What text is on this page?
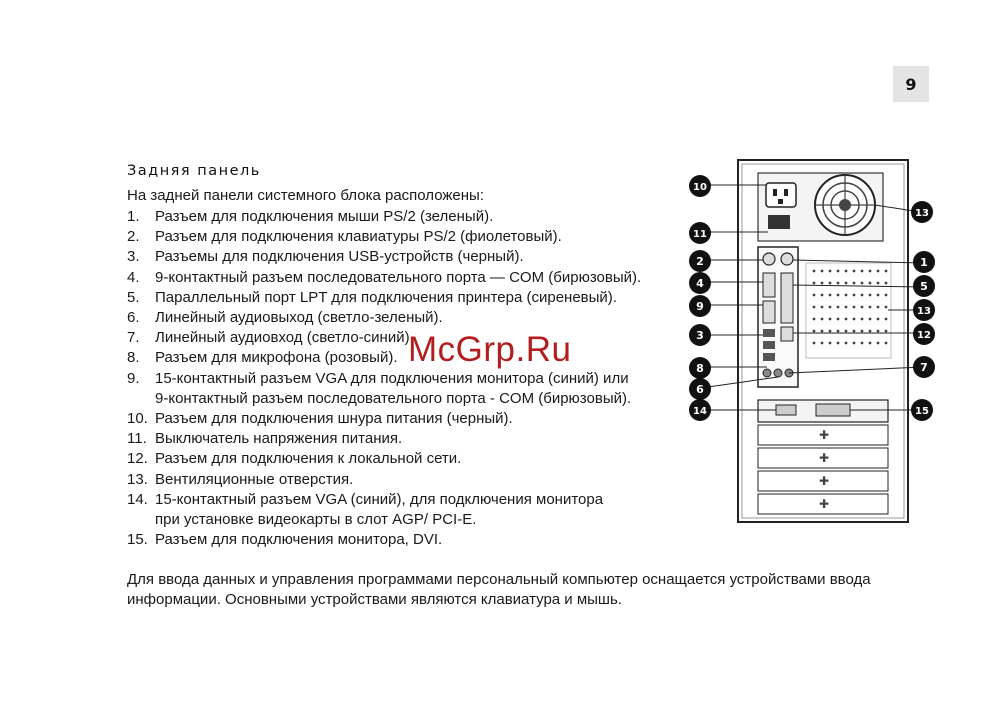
9
Задняя панель
На задней панели системного блока расположены:
1. Разъем для подключения мыши PS/2 (зеленый).
2. Разъем для подключения клавиатуры PS/2 (фиолетовый).
3. Разъемы для подключения USB-устройств (черный).
4. 9-контактный разъем последовательного порта — COM (бирюзовый).
5. Параллельный порт LPT для подключения принтера (сиреневый).
6. Линейный аудиовыход (светло-зеленый).
7. Линейный аудиовход (светло-синий).
8. Разъем для микрофона (розовый).
9. 15-контактный разъем VGA для подключения монитора (синий) или
9-контактный разъем последовательного порта - COM (бирюзовый).
10. Разъем для подключения шнура питания (черный).
11. Выключатель напряжения питания.
12. Разъем для подключения к локальной сети.
13. Вентиляционные отверстия.
14. 15-контактный разъем VGA (синий), для подключения монитора
при установке видеокарты в слот AGP/ PCI-E.
15. Разъем для подключения монитора, DVI.
Для ввода данных и управления программами персональный компьютер оснащается устройствами ввода
информации. Основными устройствами являются клавиатура и мышь.
✚
✚
✚
✚
10
11
2
4
9
3
8
6
14
13
1
5
13
12
7
15
McGrp.Ru
